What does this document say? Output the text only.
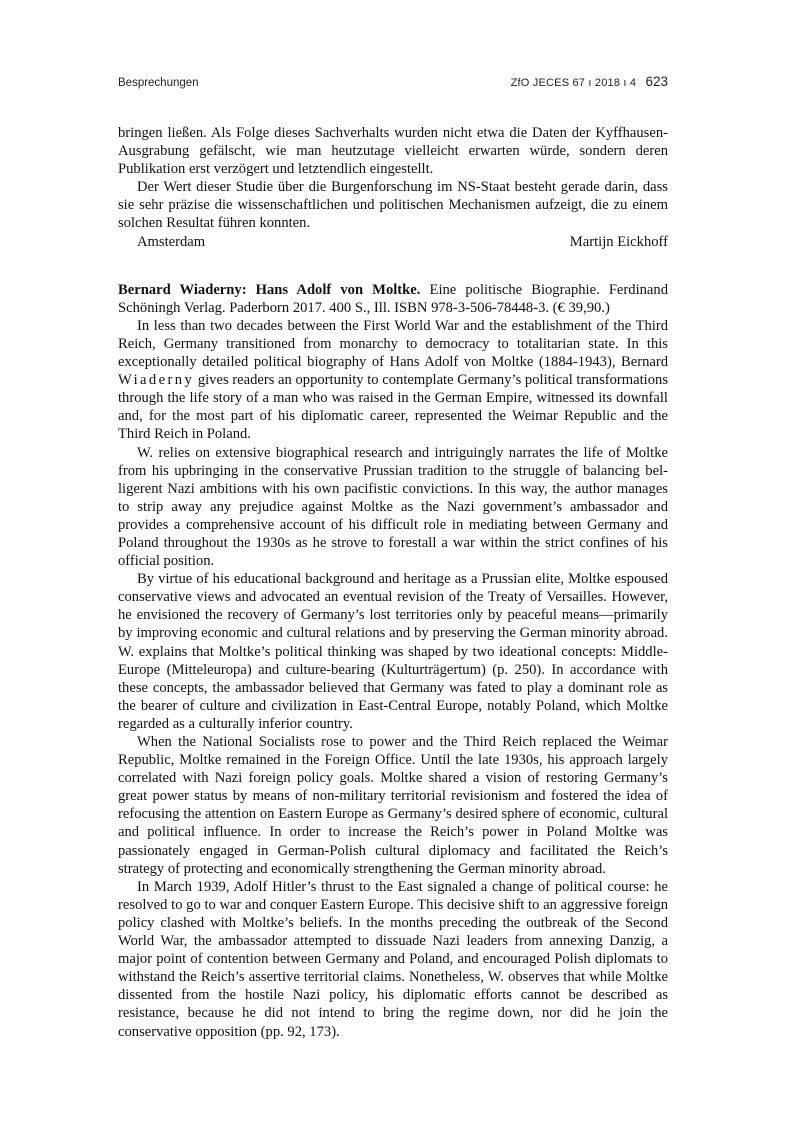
Besprechungen	ZfO JECES 67 ı 2018 ı 4 623

bringen ließen. Als Folge dieses Sachverhalts wurden nicht etwa die Daten der Kyffhausen-Ausgrabung gefälscht, wie man heutzutage vielleicht erwarten würde, sondern deren Publikation erst verzögert und letztendlich eingestellt.

Der Wert dieser Studie über die Burgenforschung im NS-Staat besteht gerade darin, dass sie sehr präzise die wissenschaftlichen und politischen Mechanismen aufzeigt, die zu einem solchen Resultat führen konnten.

Amsterdam	Martijn Eickhoff

Bernard Wiaderny: Hans Adolf von Moltke. Eine politische Biographie. Ferdinand Schöningh Verlag. Paderborn 2017. 400 S., Ill. ISBN 978-3-506-78448-3. (€ 39,90.)

In less than two decades between the First World War and the establishment of the Third Reich, Germany transitioned from monarchy to democracy to totalitarian state. In this exceptionally detailed political biography of Hans Adolf von Moltke (1884-1943), Bernard Wiaderny gives readers an opportunity to contemplate Germany’s political transformations through the life story of a man who was raised in the German Empire, witnessed its downfall and, for the most part of his diplomatic career, represented the Weimar Republic and the Third Reich in Poland.

W. relies on extensive biographical research and intriguingly narrates the life of Moltke from his upbringing in the conservative Prussian tradition to the struggle of balancing belligerent Nazi ambitions with his own pacifistic convictions. In this way, the author manages to strip away any prejudice against Moltke as the Nazi government’s ambassador and provides a comprehensive account of his difficult role in mediating between Germany and Poland throughout the 1930s as he strove to forestall a war within the strict confines of his official position.

By virtue of his educational background and heritage as a Prussian elite, Moltke espoused conservative views and advocated an eventual revision of the Treaty of Versailles. However, he envisioned the recovery of Germany’s lost territories only by peaceful means—primarily by improving economic and cultural relations and by preserving the German minority abroad. W. explains that Moltke’s political thinking was shaped by two ideational concepts: Middle-Europe (Mitteleuropa) and culture-bearing (Kulturträgertum) (p. 250). In accordance with these concepts, the ambassador believed that Germany was fated to play a dominant role as the bearer of culture and civilization in East-Central Europe, notably Poland, which Moltke regarded as a culturally inferior country.

When the National Socialists rose to power and the Third Reich replaced the Weimar Republic, Moltke remained in the Foreign Office. Until the late 1930s, his approach largely correlated with Nazi foreign policy goals. Moltke shared a vision of restoring Germany’s great power status by means of non-military territorial revisionism and fostered the idea of refocusing the attention on Eastern Europe as Germany’s desired sphere of economic, cultural and political influence. In order to increase the Reich’s power in Poland Moltke was passionately engaged in German-Polish cultural diplomacy and facilitated the Reich’s strategy of protecting and economically strengthening the German minority abroad.

In March 1939, Adolf Hitler’s thrust to the East signaled a change of political course: he resolved to go to war and conquer Eastern Europe. This decisive shift to an aggressive foreign policy clashed with Moltke’s beliefs. In the months preceding the outbreak of the Second World War, the ambassador attempted to dissuade Nazi leaders from annexing Danzig, a major point of contention between Germany and Poland, and encouraged Polish diplomats to withstand the Reich’s assertive territorial claims. Nonetheless, W. observes that while Moltke dissented from the hostile Nazi policy, his diplomatic efforts cannot be described as resistance, because he did not intend to bring the regime down, nor did he join the conservative opposition (pp. 92, 173).
